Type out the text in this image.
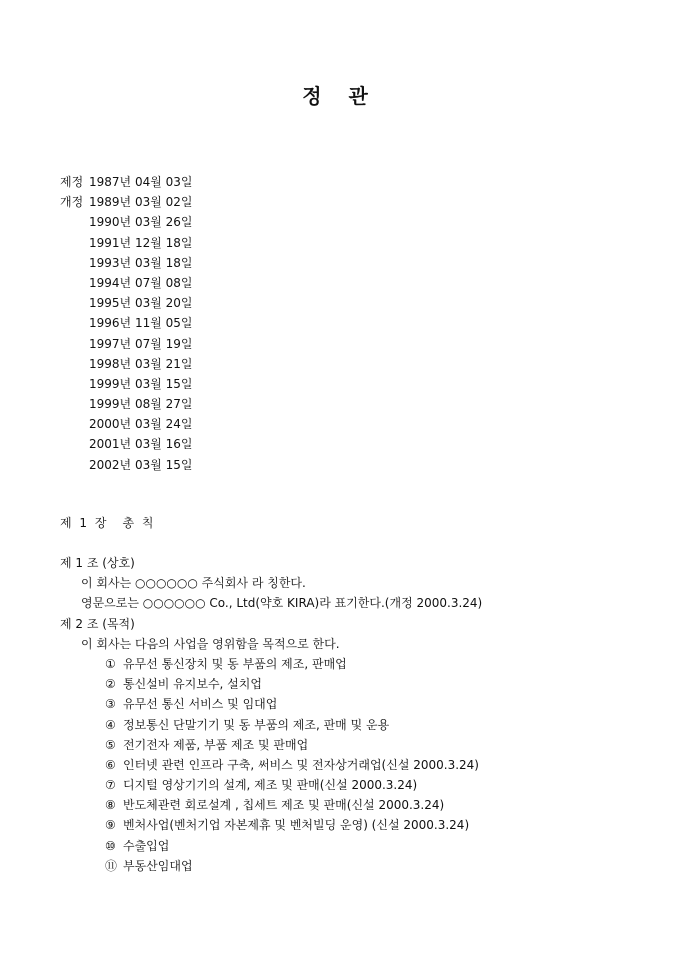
정 관
제정 1987년 04월 03일
개정 1989년 03월 02일
1990년 03월 26일
1991년 12월 18일
1993년 03월 18일
1994년 07월 08일
1995년 03월 20일
1996년 11월 05일
1997년 07월 19일
1998년 03월 21일
1999년 03월 15일
1999년 08월 27일
2000년 03월 24일
2001년 03월 16일
2002년 03월 15일
제 1 장 총 칙
제 1 조 (상호)
이 회사는 ○○○○○○ 주식회사 라 칭한다.
영문으로는 ○○○○○○ Co., Ltd(약호 KIRA)라 표기한다.(개정 2000.3.24)
제 2 조 (목적)
이 회사는 다음의 사업을 영위함을 목적으로 한다.
① 유무선 통신장치 및 동 부품의 제조, 판매업
② 통신설비 유지보수, 설치업
③ 유무선 통신 서비스 및 임대업
④ 정보통신 단말기기 및 동 부품의 제조, 판매 및 운용
⑤ 전기전자 제품, 부품 제조 및 판매업
⑥ 인터넷 관련 인프라 구축, 써비스 및 전자상거래업(신설 2000.3.24)
⑦ 디지털 영상기기의 설계, 제조 및 판매(신설 2000.3.24)
⑧ 반도체관련 회로설계 , 칩세트 제조 및 판매(신설 2000.3.24)
⑨ 벤처사업(벤처기업 자본제휴 및 벤처빌딩 운영) (신설 2000.3.24)
⑩ 수출입업
⑪ 부동산임대업
